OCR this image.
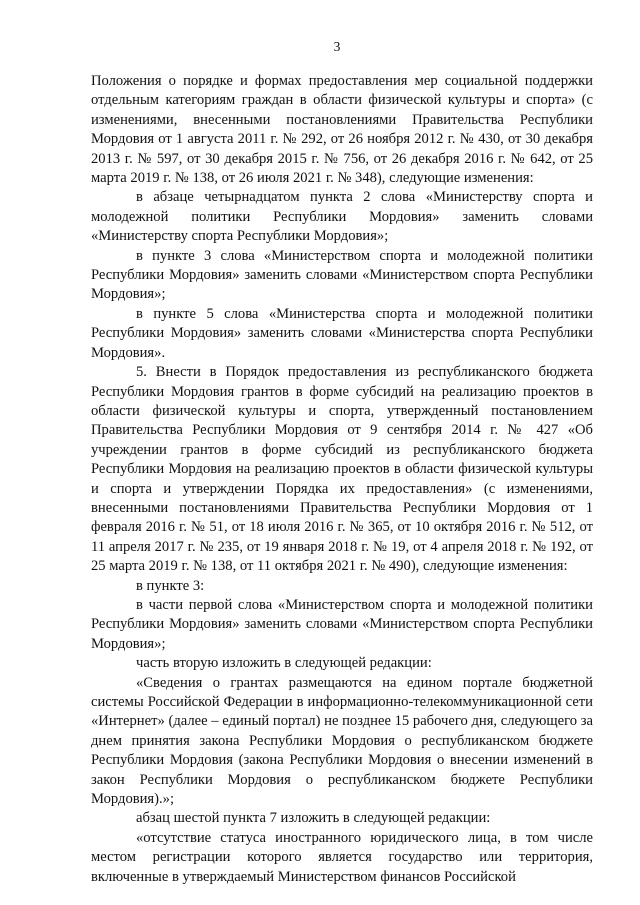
3

Положения о порядке и формах предоставления мер социальной поддержки отдельным категориям граждан в области физической культуры и спорта» (с изменениями, внесенными постановлениями Правительства Республики Мордовия от 1 августа 2011 г. № 292, от 26 ноября 2012 г. № 430, от 30 декабря 2013 г. № 597, от 30 декабря 2015 г. № 756, от 26 декабря 2016 г. № 642, от 25 марта 2019 г. № 138, от 26 июля 2021 г. № 348), следующие изменения:

в абзаце четырнадцатом пункта 2 слова «Министерству спорта и молодежной политики Республики Мордовия» заменить словами «Министерству спорта Республики Мордовия»;

в пункте 3 слова «Министерством спорта и молодежной политики Республики Мордовия» заменить словами «Министерством спорта Республики Мордовия»;

в пункте 5 слова «Министерства спорта и молодежной политики Республики Мордовия» заменить словами «Министерства спорта Республики Мордовия».

5. Внести в Порядок предоставления из республиканского бюджета Республики Мордовия грантов в форме субсидий на реализацию проектов в области физической культуры и спорта, утвержденный постановлением Правительства Республики Мордовия от 9 сентября 2014 г. № 427 «Об учреждении грантов в форме субсидий из республиканского бюджета Республики Мордовия на реализацию проектов в области физической культуры и спорта и утверждении Порядка их предоставления» (с изменениями, внесенными постановлениями Правительства Республики Мордовия от 1 февраля 2016 г. № 51, от 18 июля 2016 г. № 365, от 10 октября 2016 г. № 512, от 11 апреля 2017 г. № 235, от 19 января 2018 г. № 19, от 4 апреля 2018 г. № 192, от 25 марта 2019 г. № 138, от 11 октября 2021 г. № 490), следующие изменения:

в пункте 3:

в части первой слова «Министерством спорта и молодежной политики Республики Мордовия» заменить словами «Министерством спорта Республики Мордовия»;

часть вторую изложить в следующей редакции:

«Сведения о грантах размещаются на едином портале бюджетной системы Российской Федерации в информационно-телекоммуникационной сети «Интернет» (далее – единый портал) не позднее 15 рабочего дня, следующего за днем принятия закона Республики Мордовия о республиканском бюджете Республики Мордовия (закона Республики Мордовия о внесении изменений в закон Республики Мордовия о республиканском бюджете Республики Мордовия).»;

абзац шестой пункта 7 изложить в следующей редакции:

«отсутствие статуса иностранного юридического лица, в том числе местом регистрации которого является государство или территория, включенные в утверждаемый Министерством финансов Российской
